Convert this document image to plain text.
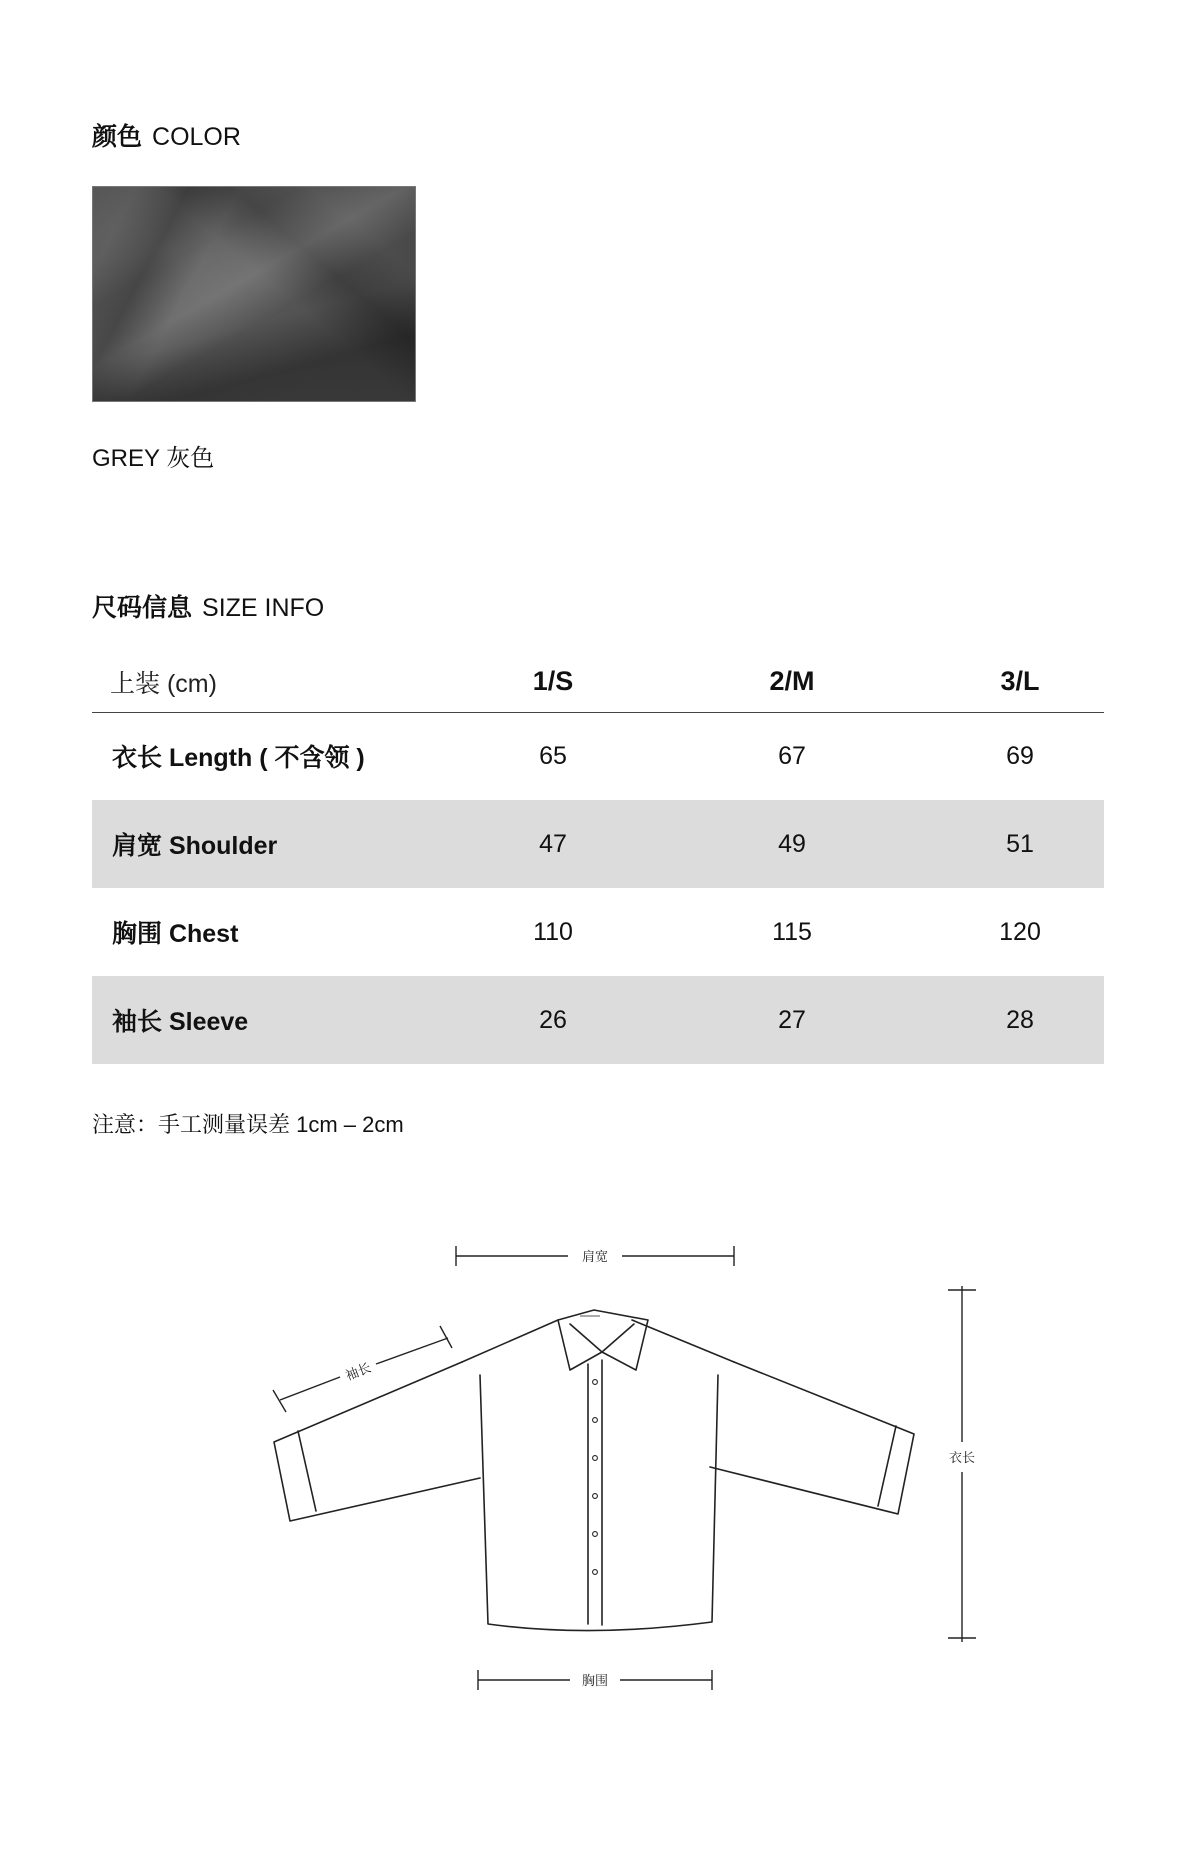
颜色 COLOR
GREY 灰色
尺码信息 SIZE INFO
上装 (cm)	1/S	2/M	3/L
衣长 Length ( 不含领 )	65	67	69
肩宽 Shoulder	47	49	51
胸围 Chest	110	115	120
袖长 Sleeve	26	27	28
注意：手工测量误差 1cm – 2cm
肩宽
袖长
衣长
胸围
